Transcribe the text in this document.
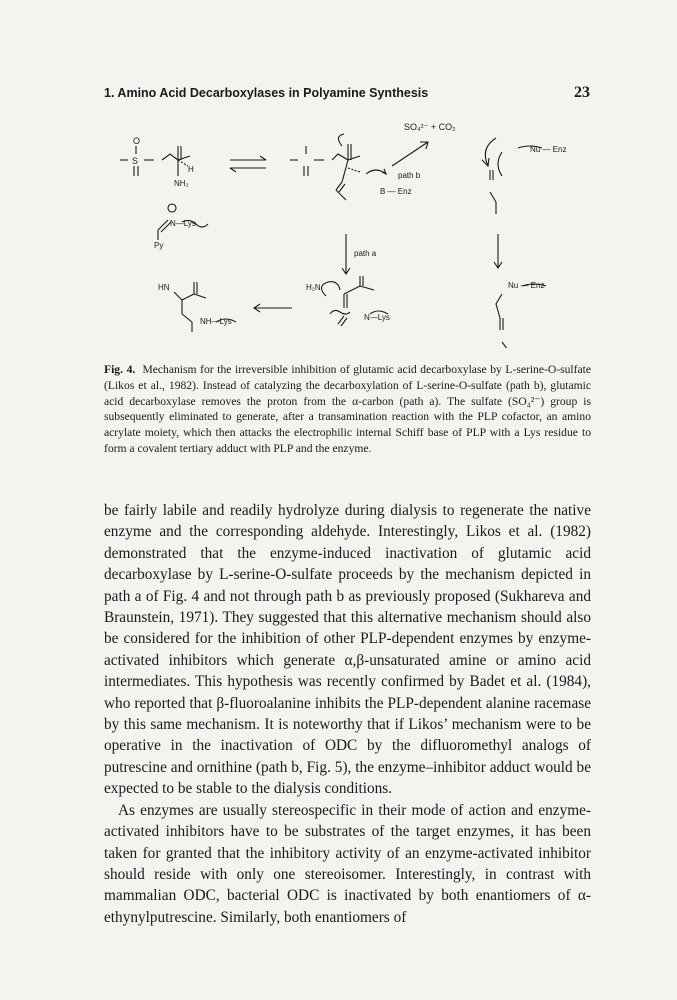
1. Amino Acid Decarboxylases in Polyamine Synthesis	23
SO₄²⁻ + CO₂
path b
B — Enz
path a
Nu — Enz
Nu — Enz
N—Lys
NH—Lys	N—Lys
Py
NH₂
H₂N
HN
H
O
S
Fig. 4. Mechanism for the irreversible inhibition of glutamic acid decarboxylase by L-serine-O-sulfate (Likos et al., 1982). Instead of catalyzing the decarboxylation of L-serine-O-sulfate (path b), glutamic acid decarboxylase removes the proton from the α-carbon (path a). The sulfate (SO₄²⁻) group is subsequently eliminated to generate, after a transamination reaction with the PLP cofactor, an amino acrylate moiety, which then attacks the electrophilic internal Schiff base of PLP with a Lys residue to form a covalent tertiary adduct with PLP and the enzyme.

be fairly labile and readily hydrolyze during dialysis to regenerate the native enzyme and the corresponding aldehyde. Interestingly, Likos et al. (1982) demonstrated that the enzyme-induced inactivation of glutamic acid decarboxylase by L-serine-O-sulfate proceeds by the mechanism depicted in path a of Fig. 4 and not through path b as previously proposed (Sukhareva and Braunstein, 1971). They suggested that this alternative mechanism should also be considered for the inhibition of other PLP-dependent enzymes by enzyme-activated inhibitors which generate α,β-unsaturated amine or amino acid intermediates. This hypothesis was recently confirmed by Badet et al. (1984), who reported that β-fluoroalanine inhibits the PLP-dependent alanine racemase by this same mechanism. It is noteworthy that if Likos’ mechanism were to be operative in the inactivation of ODC by the difluoromethyl analogs of putrescine and ornithine (path b, Fig. 5), the enzyme–inhibitor adduct would be expected to be stable to the dialysis conditions.

As enzymes are usually stereospecific in their mode of action and enzyme-activated inhibitors have to be substrates of the target enzymes, it has been taken for granted that the inhibitory activity of an enzyme-activated inhibitor should reside with only one stereoisomer. Interestingly, in contrast with mammalian ODC, bacterial ODC is inactivated by both enantiomers of α-ethynylputrescine. Similarly, both enantiomers of
